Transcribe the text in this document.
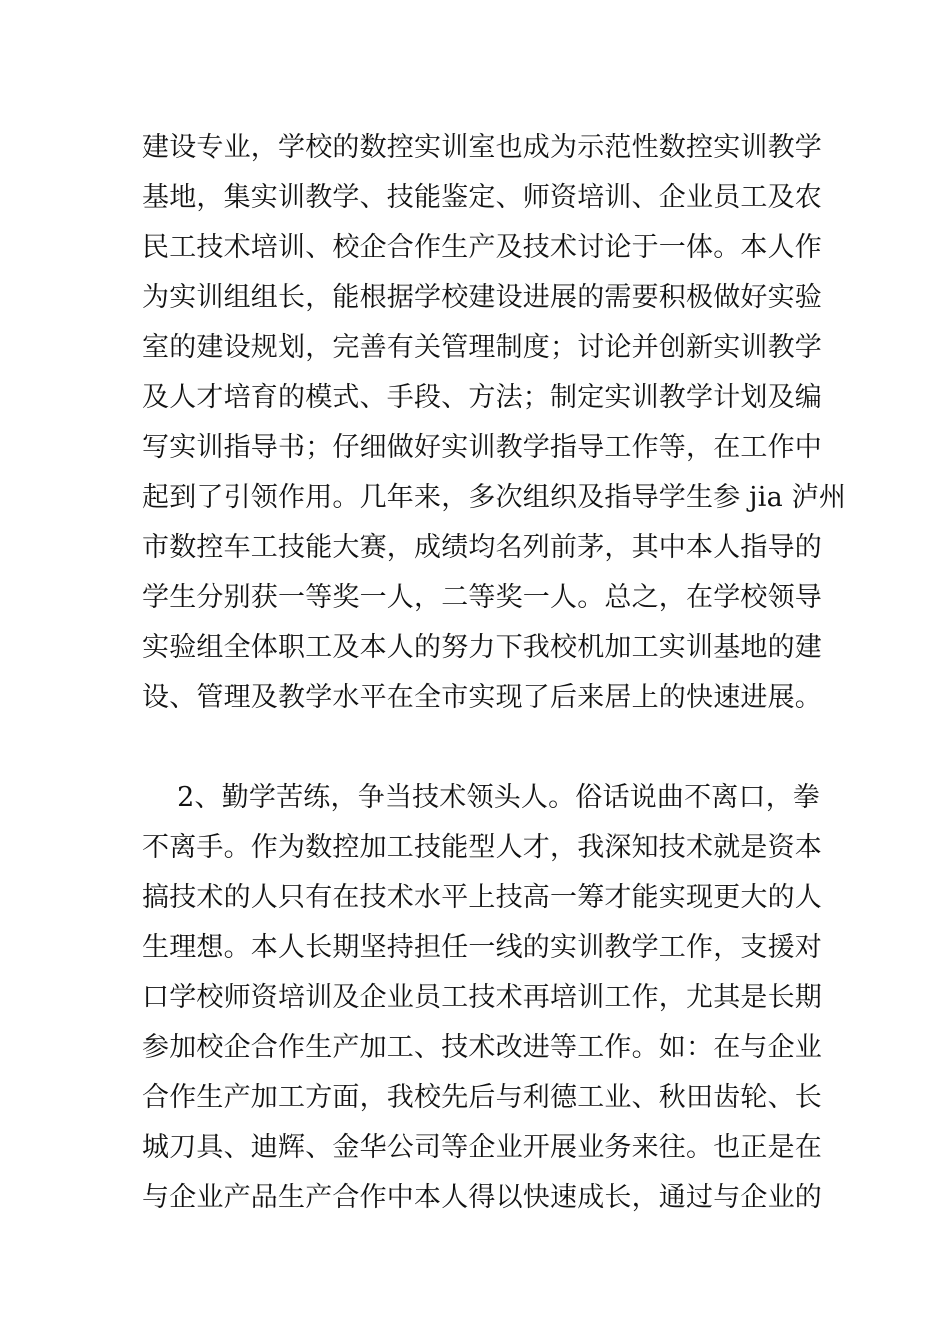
建设专业，学校的数控实训室也成为示范性数控实训教学
基地，集实训教学、技能鉴定、师资培训、企业员工及农
民工技术培训、校企合作生产及技术讨论于一体。本人作
为实训组组长，能根据学校建设进展的需要积极做好实验
室的建设规划，完善有关管理制度；讨论并创新实训教学
及人才培育的模式、手段、方法；制定实训教学计划及编
写实训指导书；仔细做好实训教学指导工作等，在工作中
起到了引领作用。几年来，多次组织及指导学生参 jia 泸州
市数控车工技能大赛，成绩均名列前茅，其中本人指导的
学生分别获一等奖一人，二等奖一人。总之，在学校领导
实验组全体职工及本人的努力下我校机加工实训基地的建
设、管理及教学水平在全市实现了后来居上的快速进展。
2、勤学苦练，争当技术领头人。俗话说曲不离口，拳
不离手。作为数控加工技能型人才，我深知技术就是资本
搞技术的人只有在技术水平上技高一筹才能实现更大的人
生理想。本人长期坚持担任一线的实训教学工作，支援对
口学校师资培训及企业员工技术再培训工作，尤其是长期
参加校企合作生产加工、技术改进等工作。如：在与企业
合作生产加工方面，我校先后与利德工业、秋田齿轮、长
城刀具、迪辉、金华公司等企业开展业务来往。也正是在
与企业产品生产合作中本人得以快速成长，通过与企业的
